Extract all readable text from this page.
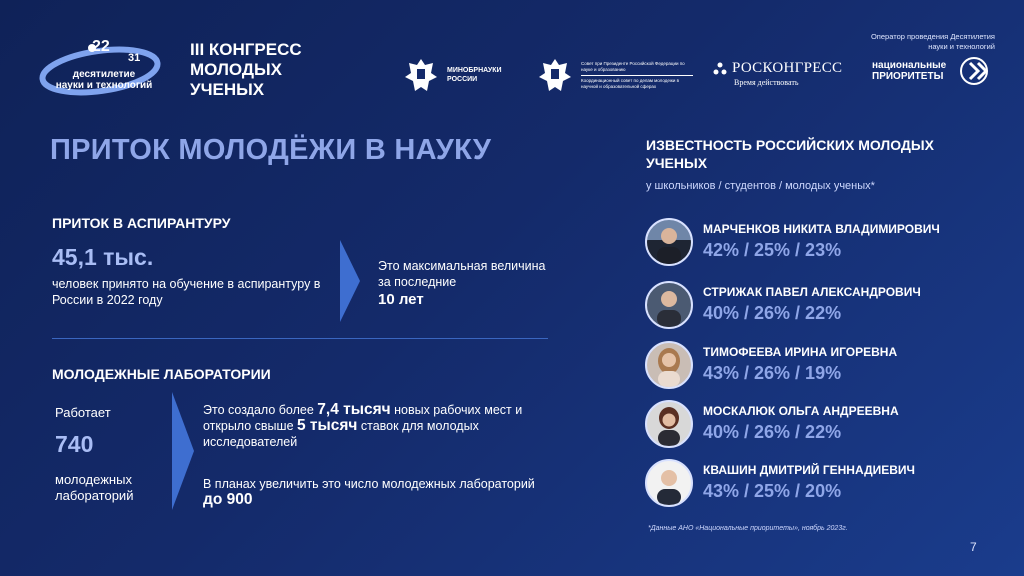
22
31
десятилетие
науки и технологий
III КОНГРЕСС МОЛОДЫХ УЧЕНЫХ
МИНОБРНАУКИ РОССИИ
Совет при Президенте Российской Федерации по науке и образованию
Координационный совет по делам молодежи в научной и образовательной сферах
РОСКОНГРЕСС
Время действовать
Оператор проведения Десятилетия науки и технологий
национальные ПРИОРИТЕТЫ
ПРИТОК МОЛОДЁЖИ В НАУКУ
ПРИТОК В АСПИРАНТУРУ
45,1 тыс.
человек принято на обучение в аспирантуру в России в 2022 году
Это максимальная величина за последние
10 лет
МОЛОДЕЖНЫЕ ЛАБОРАТОРИИ
Работает
740
молодежных лабораторий
Это создало более 7,4 тысяч новых рабочих мест и открыло свыше 5 тысяч ставок для молодых исследователей
В планах увеличить это число молодежных лабораторий до 900
ИЗВЕСТНОСТЬ РОССИЙСКИХ МОЛОДЫХ УЧЕНЫХ
у школьников / студентов / молодых ученых*
МАРЧЕНКОВ НИКИТА ВЛАДИМИРОВИЧ
42% / 25% / 23%
СТРИЖАК ПАВЕЛ АЛЕКСАНДРОВИЧ
40% / 26% / 22%
ТИМОФЕЕВА ИРИНА ИГОРЕВНА
43% / 26% / 19%
МОСКАЛЮК ОЛЬГА АНДРЕЕВНА
40% / 26% / 22%
КВАШИН ДМИТРИЙ ГЕННАДИЕВИЧ
43% / 25% / 20%
*Данные АНО «Национальные приоритеты», ноябрь 2023г.
7
